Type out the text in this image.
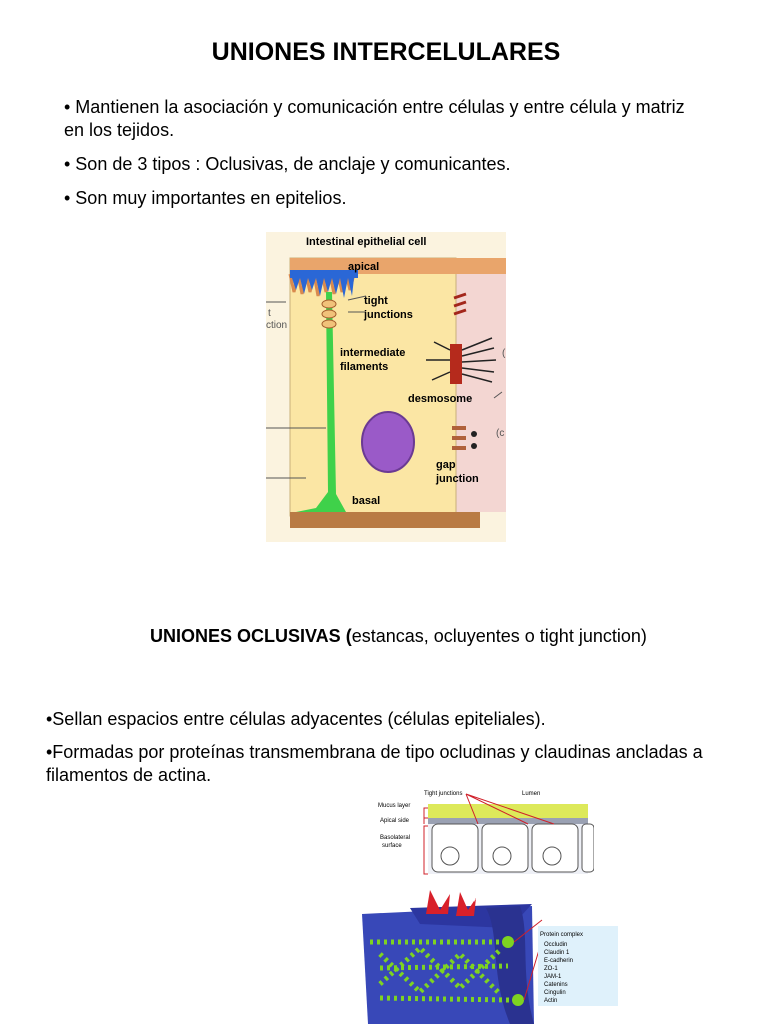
UNIONES INTERCELULARES

• Mantienen la asociación y comunicación entre células y entre célula y matriz en los tejidos.

• Son de 3 tipos : Oclusivas, de anclaje y comunicantes.

• Son muy importantes en epitelios.

Intestinal epithelial cell
apical
tight
junctions
intermediate
filaments
desmosome
gap
junction
basal
t
ction
(
(c

UNIONES OCLUSIVAS (estancas, ocluyentes o tight junction)

•Sellan espacios entre células adyacentes (células epiteliales).

•Formadas por proteínas transmembrana de tipo ocludinas y claudinas ancladas a filamentos de actina.

Tight junctions	Lumen
Mucus layer
Apical side
Basolateral
surface
Apical side
Protein complex
Occludin
Claudin 1
E-cadherin
ZO-1
JAM-1
Catenins
Cingulin
Actin
